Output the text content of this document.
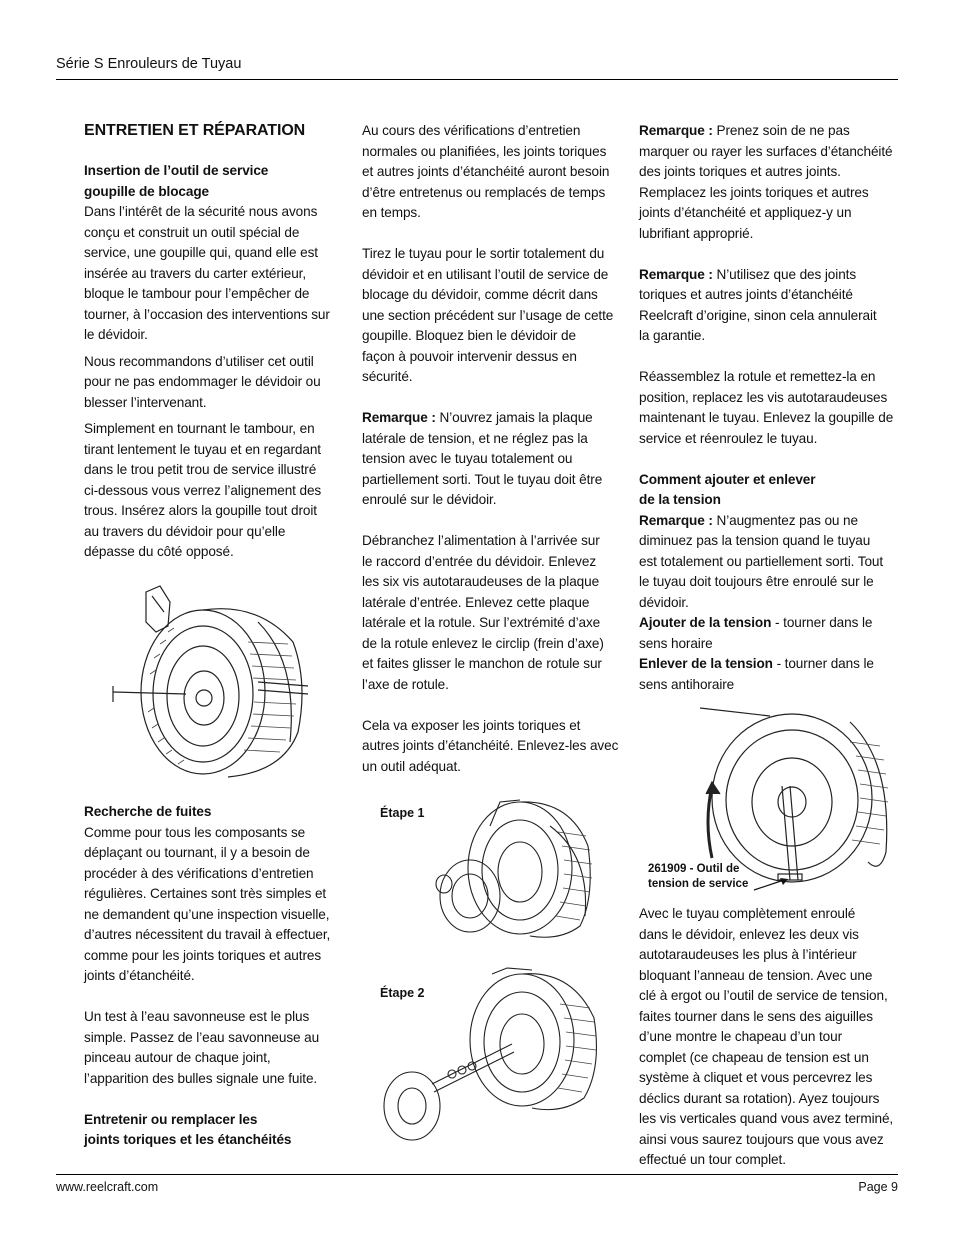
Série S Enrouleurs de Tuyau

ENTRETIEN ET RÉPARATION

Insertion de l’outil de service

goupille de blocage

Dans l’intérêt de la sécurité nous avons
conçu et construit un outil spécial de
service, une goupille qui, quand elle est
insérée au travers du carter extérieur,
bloque le tambour pour l’empêcher de
tourner, à l’occasion des interventions sur
le dévidoir.
Nous recommandons d’utiliser cet outil
pour ne pas endommager le dévidoir ou
blesser l’intervenant.
Simplement en tournant le tambour, en
tirant lentement le tuyau et en regardant
dans le trou petit trou de service illustré
ci-dessous vous verrez l’alignement des
trous. Insérez alors la goupille tout droit
au travers du dévidoir pour qu’elle
dépasse du côté opposé.

Recherche de fuites

Comme pour tous les composants se
déplaçant ou tournant, il y a besoin de
procéder à des vérifications d’entretien
régulières. Certaines sont très simples et
ne demandent qu’une inspection visuelle,
d’autres nécessitent du travail à effectuer,
comme pour les joints toriques et autres
joints d’étanchéité.
Un test à l’eau savonneuse est le plus
simple. Passez de l’eau savonneuse au
pinceau autour de chaque joint,
l’apparition des bulles signale une fuite.

Entretenir ou remplacer les

joints toriques et les étanchéités

Au cours des vérifications d’entretien
normales ou planifiées, les joints toriques
et autres joints d’étanchéité auront besoin
d’être entretenus ou remplacés de temps
en temps.
Tirez le tuyau pour le sortir totalement du
dévidoir et en utilisant l’outil de service de
blocage du dévidoir, comme décrit dans
une section précédent sur l’usage de cette
goupille. Bloquez bien le dévidoir de
façon à pouvoir intervenir dessus en
sécurité.

Remarque : N’ouvrez jamais la plaque

latérale de tension, et ne réglez pas la
tension avec le tuyau totalement ou
partiellement sorti. Tout le tuyau doit être
enroulé sur le dévidoir.
Débranchez l’alimentation à l’arrivée sur
le raccord d’entrée du dévidoir. Enlevez
les six vis autotaraudeuses de la plaque
latérale d’entrée. Enlevez cette plaque
latérale et la rotule. Sur l’extrémité d’axe
de la rotule enlevez le circlip (frein d’axe)
et faites glisser le manchon de rotule sur
l’axe de rotule.
Cela va exposer les joints toriques et
autres joints d’étanchéité. Enlevez-les avec
un outil adéquat.
Étape 1
Étape 2

Remarque : Prenez soin de ne pas

marquer ou rayer les surfaces d’étanchéité
des joints toriques et autres joints.
Remplacez les joints toriques et autres
joints d’étanchéité et appliquez-y un
lubrifiant approprié.

Remarque : N’utilisez que des joints

toriques et autres joints d’étanchéité
Reelcraft d’origine, sinon cela annulerait
la garantie.
Réassemblez la rotule et remettez-la en
position, replacez les vis autotaraudeuses
maintenant le tuyau. Enlevez la goupille de
service et réenroulez le tuyau.

Comment ajouter et enlever

de la tension

Remarque : N’augmentez pas ou ne

diminuez pas la tension quand le tuyau
est totalement ou partiellement sorti. Tout
le tuyau doit toujours être enroulé sur le
dévidoir.

Ajouter de la tension - tourner dans le

sens horaire

Enlever de la tension - tourner dans le

sens antihoraire

261909 - Outil de
tension de service
Avec le tuyau complètement enroulé
dans le dévidoir, enlevez les deux vis
autotaraudeuses les plus à l’intérieur
bloquant l’anneau de tension. Avec une
clé à ergot ou l’outil de service de tension,
faites tourner dans le sens des aiguilles
d’une montre le chapeau d’un tour
complet (ce chapeau de tension est un
système à cliquet et vous percevrez les
déclics durant sa rotation). Ayez toujours
les vis verticales quand vous avez terminé,
ainsi vous saurez toujours que vous avez
effectué un tour complet.
www.reelcraft.com	Page 9
